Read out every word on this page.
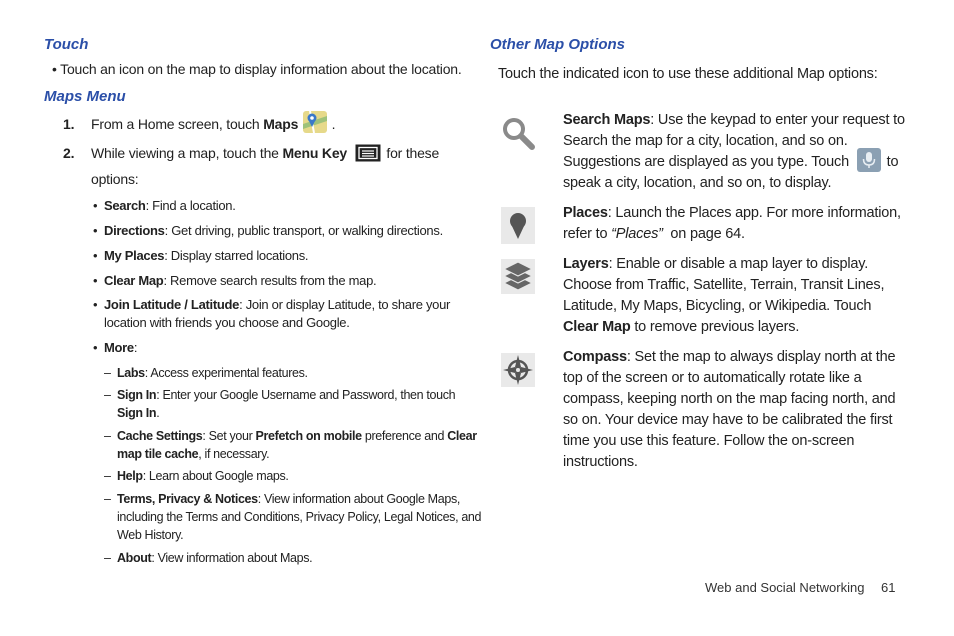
Touch
• Touch an icon on the map to display information about the location.
Maps Menu
1. From a Home screen, touch Maps  .
2. While viewing a map, touch the Menu Key	for these
options:
• Search: Find a location.
• Directions: Get driving, public transport, or walking directions.
• My Places: Display starred locations.
• Clear Map: Remove search results from the map.
• Join Latitude / Latitude: Join or display Latitude, to share your
location with friends you choose and Google.
• More:
– Labs: Access experimental features.
– Sign In: Enter your Google Username and Password, then touch
Sign In.
– Cache Settings: Set your Prefetch on mobile preference and Clear
map tile cache, if necessary.
– Help: Learn about Google maps.
– Terms, Privacy & Notices: View information about Google Maps,
including the Terms and Conditions, Privacy Policy, Legal Notices, and
Web History.
– About: View information about Maps.
Other Map Options
Touch the indicated icon to use these additional Map options:
Search Maps: Use the keypad to enter your request to
Search the map for a city, location, and so on.
Suggestions are displayed as you type. Touch  to
speak a city, location, and so on, to display.
Places: Launch the Places app. For more information,
refer to “Places”  on page 64.
Layers: Enable or disable a map layer to display.
Choose from Traffic, Satellite, Terrain, Transit Lines,
Latitude, My Maps, Bicycling, or Wikipedia. Touch
Clear Map to remove previous layers.
Compass: Set the map to always display north at the
top of the screen or to automatically rotate like a
compass, keeping north on the map facing north, and
so on. Your device may have to be calibrated the first
time you use this feature. Follow the on-screen
instructions.
Web and Social Networking 61
